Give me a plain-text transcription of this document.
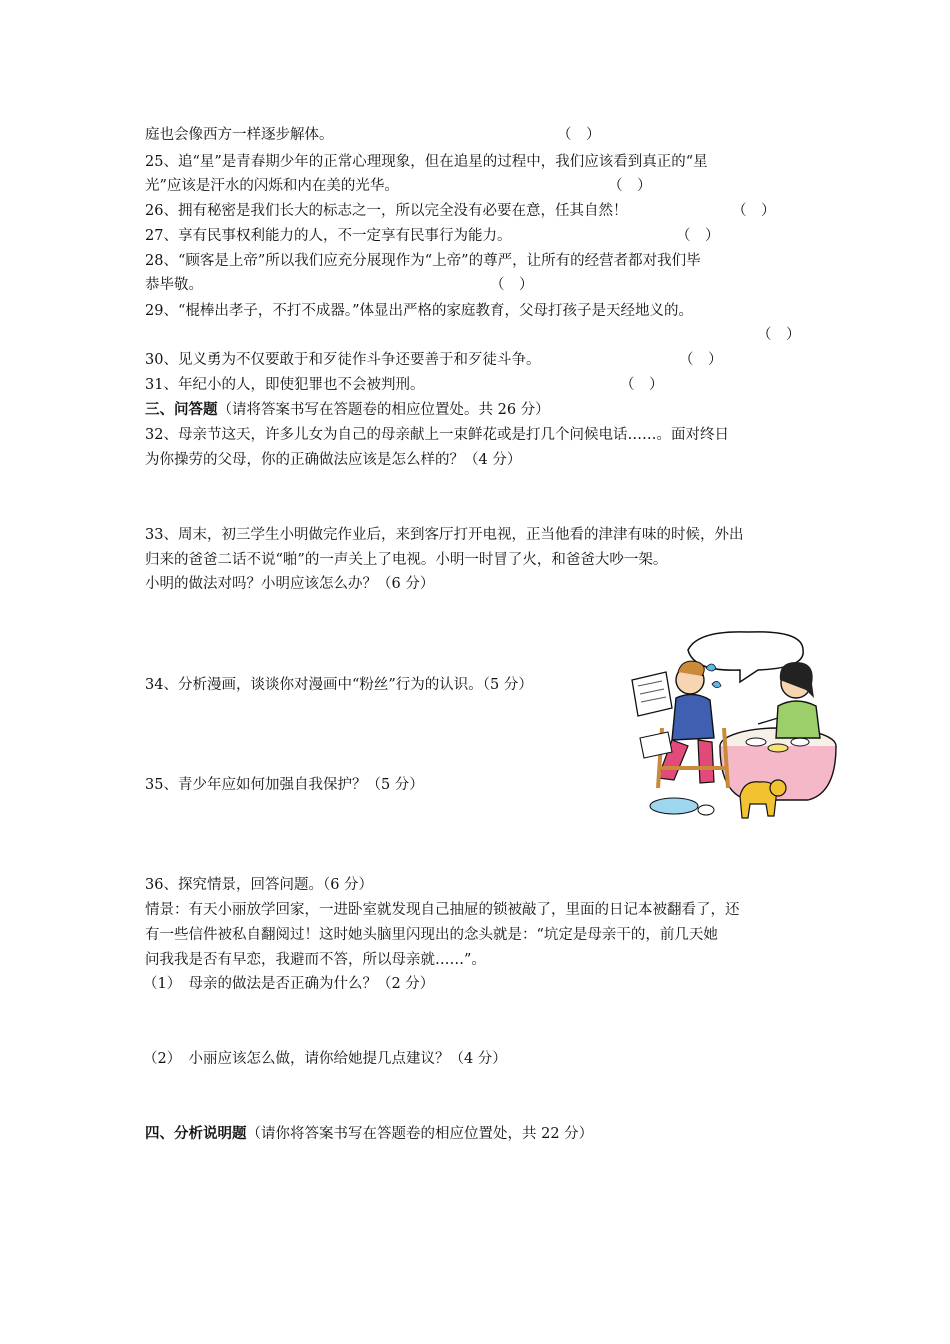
庭也会像西方一样逐步解体。	（　）
25、追“星”是青春期少年的正常心理现象，但在追星的过程中，我们应该看到真正的“星
光”应该是汗水的闪烁和内在美的光华。	（　）
26、拥有秘密是我们长大的标志之一，所以完全没有必要在意，任其自然！	（　）
27、享有民事权利能力的人，不一定享有民事行为能力。	（　）
28、“顾客是上帝”所以我们应充分展现作为“上帝”的尊严，让所有的经营者都对我们毕
恭毕敬。	（　）
29、“棍棒出孝子，不打不成器。”体显出严格的家庭教育，父母打孩子是天经地义的。
（　）
30、见义勇为不仅要敢于和歹徒作斗争还要善于和歹徒斗争。	（　）
31、年纪小的人，即使犯罪也不会被判刑。	（　）
三、问答题（请将答案书写在答题卷的相应位置处。共 26 分）
32、母亲节这天，许多儿女为自己的母亲献上一束鲜花或是打几个问候电话……。面对终日
为你操劳的父母，你的正确做法应该是怎么样的？（4 分）
33、周末，初三学生小明做完作业后，来到客厅打开电视，正当他看的津津有味的时候，外出
归来的爸爸二话不说“啪”的一声关上了电视。小明一时冒了火，和爸爸大吵一架。
小明的做法对吗？小明应该怎么办？（6 分）
34、分析漫画，谈谈你对漫画中“粉丝”行为的认识。（5 分）
35、青少年应如何加强自我保护？（5 分）
36、探究情景，回答问题。（6 分）
情景：有天小丽放学回家，一进卧室就发现自己抽屉的锁被敲了，里面的日记本被翻看了，还
有一些信件被私自翻阅过！这时她头脑里闪现出的念头就是：“坑定是母亲干的，前几天她
问我我是否有早恋，我避而不答，所以母亲就……”。
（1）　母亲的做法是否正确为什么？（2 分）
（2）　小丽应该怎么做，请你给她提几点建议？（4 分）
四、分析说明题（请你将答案书写在答题卷的相应位置处，共 22 分）
